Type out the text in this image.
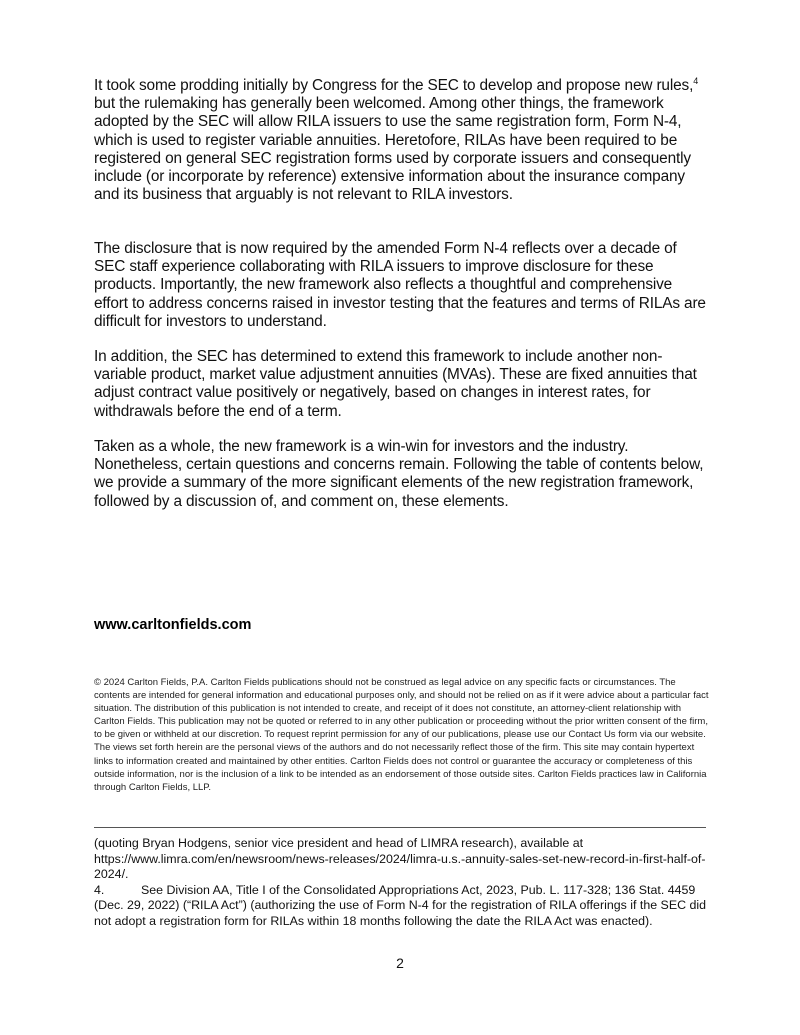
It took some prodding initially by Congress for the SEC to develop and propose new rules,$^4$ but the rulemaking has generally been welcomed. Among other things, the framework adopted by the SEC will allow RILA issuers to use the same registration form, Form N-4, which is used to register variable annuities. Heretofore, RILAs have been required to be registered on general SEC registration forms used by corporate issuers and consequently include (or incorporate by reference) extensive information about the insurance company and its business that arguably is not relevant to RILA investors.

The disclosure that is now required by the amended Form N-4 reflects over a decade of SEC staff experience collaborating with RILA issuers to improve disclosure for these products. Importantly, the new framework also reflects a thoughtful and comprehensive effort to address concerns raised in investor testing that the features and terms of RILAs are difficult for investors to understand.

In addition, the SEC has determined to extend this framework to include another non-variable product, market value adjustment annuities (MVAs). These are fixed annuities that adjust contract value positively or negatively, based on changes in interest rates, for withdrawals before the end of a term.

Taken as a whole, the new framework is a win-win for investors and the industry. Nonetheless, certain questions and concerns remain. Following the table of contents below, we provide a summary of the more significant elements of the new registration framework, followed by a discussion of, and comment on, these elements.

www.carltonfields.com

© 2024 Carlton Fields, P.A. Carlton Fields publications should not be construed as legal advice on any specific facts or circumstances. The contents are intended for general information and educational purposes only, and should not be relied on as if it were advice about a particular fact situation. The distribution of this publication is not intended to create, and receipt of it does not constitute, an attorney-client relationship with Carlton Fields. This publication may not be quoted or referred to in any other publication or proceeding without the prior written consent of the firm, to be given or withheld at our discretion. To request reprint permission for any of our publications, please use our Contact Us form via our website. The views set forth herein are the personal views of the authors and do not necessarily reflect those of the firm. This site may contain hypertext links to information created and maintained by other entities. Carlton Fields does not control or guarantee the accuracy or completeness of this outside information, nor is the inclusion of a link to be intended as an endorsement of those outside sites. Carlton Fields practices law in California through Carlton Fields, LLP.

(quoting Bryan Hodgens, senior vice president and head of LIMRA research), available at https://www.limra.com/en/newsroom/news-releases/2024/limra-u.s.-annuity-sales-set-new-record-in-first-half-of-2024/.

4.	See Division AA, Title I of the Consolidated Appropriations Act, 2023, Pub. L. 117-328; 136 Stat. 4459 (Dec. 29, 2022) (“RILA Act”) (authorizing the use of Form N-4 for the registration of RILA offerings if the SEC did not adopt a registration form for RILAs within 18 months following the date the RILA Act was enacted).

2
